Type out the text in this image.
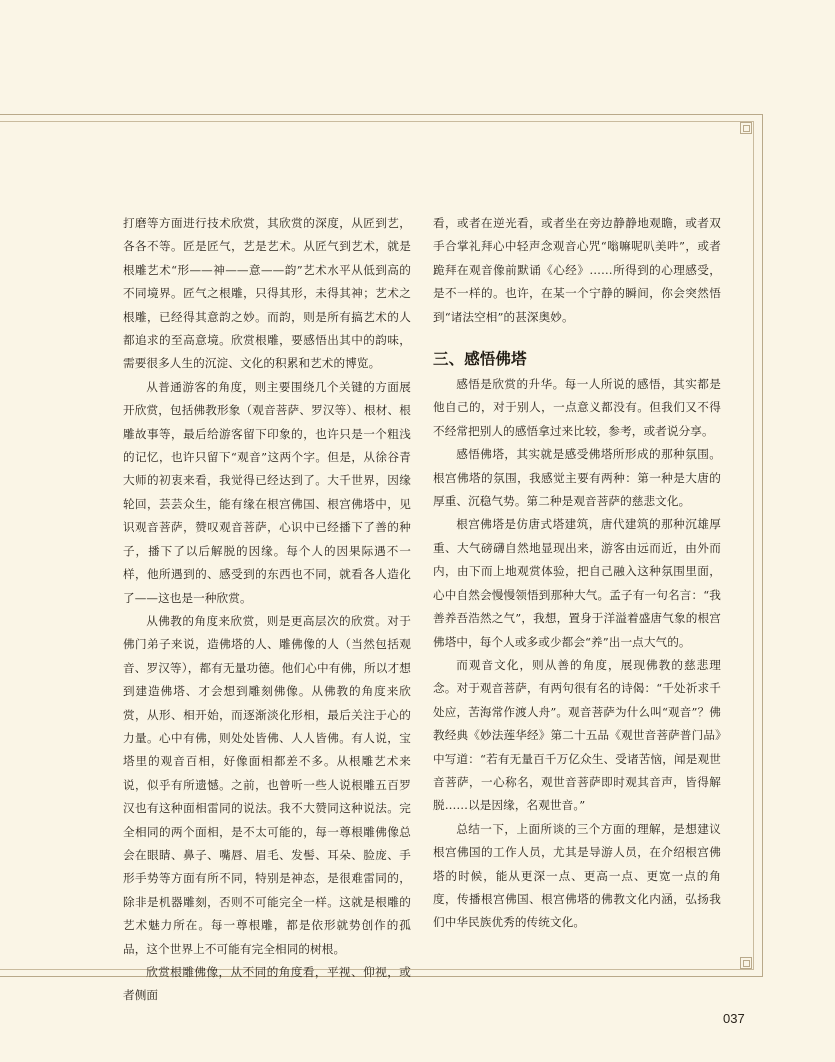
打磨等方面进行技术欣赏，其欣赏的深度，从匠到艺，各各不等。匠是匠气，艺是艺术。从匠气到艺术，就是根雕艺术“形——神——意——韵”艺术水平从低到高的不同境界。匠气之根雕，只得其形，未得其神；艺术之根雕，已经得其意韵之妙。而韵，则是所有搞艺术的人都追求的至高意境。欣赏根雕，要感悟出其中的韵味，需要很多人生的沉淀、文化的积累和艺术的博览。

从普通游客的角度，则主要围绕几个关键的方面展开欣赏，包括佛教形象（观音菩萨、罗汉等）、根材、根雕故事等，最后给游客留下印象的，也许只是一个粗浅的记忆，也许只留下“观音”这两个字。但是，从徐谷青大师的初衷来看，我觉得已经达到了。大千世界，因缘轮回，芸芸众生，能有缘在根宫佛国、根宫佛塔中，见识观音菩萨，赞叹观音菩萨，心识中已经播下了善的种子，播下了以后解脱的因缘。每个人的因果际遇不一样，他所遇到的、感受到的东西也不同，就看各人造化了——这也是一种欣赏。

从佛教的角度来欣赏，则是更高层次的欣赏。对于佛门弟子来说，造佛塔的人、雕佛像的人（当然包括观音、罗汉等），都有无量功德。他们心中有佛，所以才想到建造佛塔、才会想到雕刻佛像。从佛教的角度来欣赏，从形、相开始，而逐渐淡化形相，最后关注于心的力量。心中有佛，则处处皆佛、人人皆佛。有人说，宝塔里的观音百相，好像面相都差不多。从根雕艺术来说，似乎有所遗憾。之前，也曾听一些人说根雕五百罗汉也有这种面相雷同的说法。我不大赞同这种说法。完全相同的两个面相，是不太可能的，每一尊根雕佛像总会在眼睛、鼻子、嘴唇、眉毛、发髻、耳朵、脸庞、手形手势等方面有所不同，特别是神态，是很难雷同的，除非是机器雕刻，否则不可能完全一样。这就是根雕的艺术魅力所在。每一尊根雕，都是依形就势创作的孤品，这个世界上不可能有完全相同的树根。

欣赏根雕佛像，从不同的角度看，平视、仰视，或者侧面

看，或者在逆光看，或者坐在旁边静静地观瞻，或者双手合掌礼拜心中轻声念观音心咒“嗡嘛呢叭美吽”，或者跪拜在观音像前默诵《心经》……所得到的心理感受，是不一样的。也许，在某一个宁静的瞬间，你会突然悟到“诸法空相”的甚深奥妙。

三、感悟佛塔

感悟是欣赏的升华。每一人所说的感悟，其实都是他自己的，对于别人，一点意义都没有。但我们又不得不经常把别人的感悟拿过来比较，参考，或者说分享。

感悟佛塔，其实就是感受佛塔所形成的那种氛围。根宫佛塔的氛围，我感觉主要有两种：第一种是大唐的厚重、沉稳气势。第二种是观音菩萨的慈悲文化。

根宫佛塔是仿唐式塔建筑，唐代建筑的那种沉雄厚重、大气磅礴自然地显现出来，游客由远而近，由外而内，由下而上地观赏体验，把自己融入这种氛围里面，心中自然会慢慢领悟到那种大气。孟子有一句名言：“我善养吾浩然之气”，我想，置身于洋溢着盛唐气象的根宫佛塔中，每个人或多或少都会“养”出一点大气的。

而观音文化，则从善的角度，展现佛教的慈悲理念。对于观音菩萨，有两句很有名的诗偈：“千处祈求千处应，苦海常作渡人舟”。观音菩萨为什么叫“观音”？佛教经典《妙法莲华经》第二十五品《观世音菩萨普门品》中写道：“若有无量百千万亿众生、受诸苦恼，闻是观世音菩萨，一心称名，观世音菩萨即时观其音声，皆得解脱……以是因缘，名观世音。”

总结一下，上面所谈的三个方面的理解，是想建议根宫佛国的工作人员，尤其是导游人员，在介绍根宫佛塔的时候，能从更深一点、更高一点、更宽一点的角度，传播根宫佛国、根宫佛塔的佛教文化内涵，弘扬我们中华民族优秀的传统文化。

037
